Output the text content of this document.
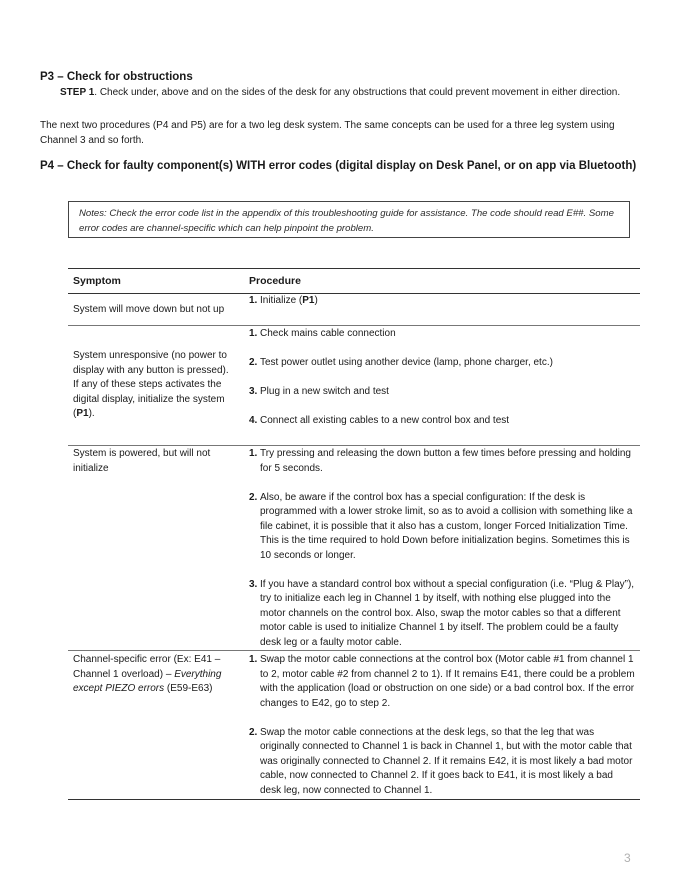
P3 – Check for obstructions
STEP 1. Check under, above and on the sides of the desk for any obstructions that could prevent movement in either direction.
The next two procedures (P4 and P5) are for a two leg desk system. The same concepts can be used for a three leg system using Channel 3 and so forth.
P4 – Check for faulty component(s) WITH error codes (digital display on Desk Panel, or on app via Bluetooth)
Notes: Check the error code list in the appendix of this troubleshooting guide for assistance. The code should read E##. Some error codes are channel-specific which can help pinpoint the problem.
Symptom	Procedure
System will move down but not up

1. Initialize (P1)

System unresponsive (no power to display with any button is pressed). If any of these steps activates the digital display, initialize the system (P1).

1. Check mains cable connection

2. Test power outlet using another device (lamp, phone charger, etc.)

3. Plug in a new switch and test

4. Connect all existing cables to a new control box and test

System is powered, but will not initialize

1. Try pressing and releasing the down button a few times before pressing and holding for 5 seconds.

2. Also, be aware if the control box has a special configuration: If the desk is programmed with a lower stroke limit, so as to avoid a collision with something like a file cabinet, it is possible that it also has a custom, longer Forced Initialization Time. This is the time required to hold Down before initialization begins. Sometimes this is 10 seconds or longer.

3. If you have a standard control box without a special configuration (i.e. “Plug & Play”), try to initialize each leg in Channel 1 by itself, with nothing else plugged into the motor channels on the control box. Also, swap the motor cables so that a different motor cable is used to initialize Channel 1 by itself. The problem could be a faulty desk leg or a faulty motor cable.

Channel-specific error (Ex: E41 – Channel 1 overload) – Everything except PIEZO errors (E59-E63)

1. Swap the motor cable connections at the control box (Motor cable #1 from channel 1 to 2, motor cable #2 from channel 2 to 1). If It remains E41, there could be a problem with the application (load or obstruction on one side) or a bad control box. If the error changes to E42, go to step 2.

2. Swap the motor cable connections at the desk legs, so that the leg that was originally connected to Channel 1 is back in Channel 1, but with the motor cable that was originally connected to Channel 2. If it remains E42, it is most likely a bad motor cable, now connected to Channel 2. If it goes back to E41, it is most likely a bad desk leg, now connected to Channel 1.

3
